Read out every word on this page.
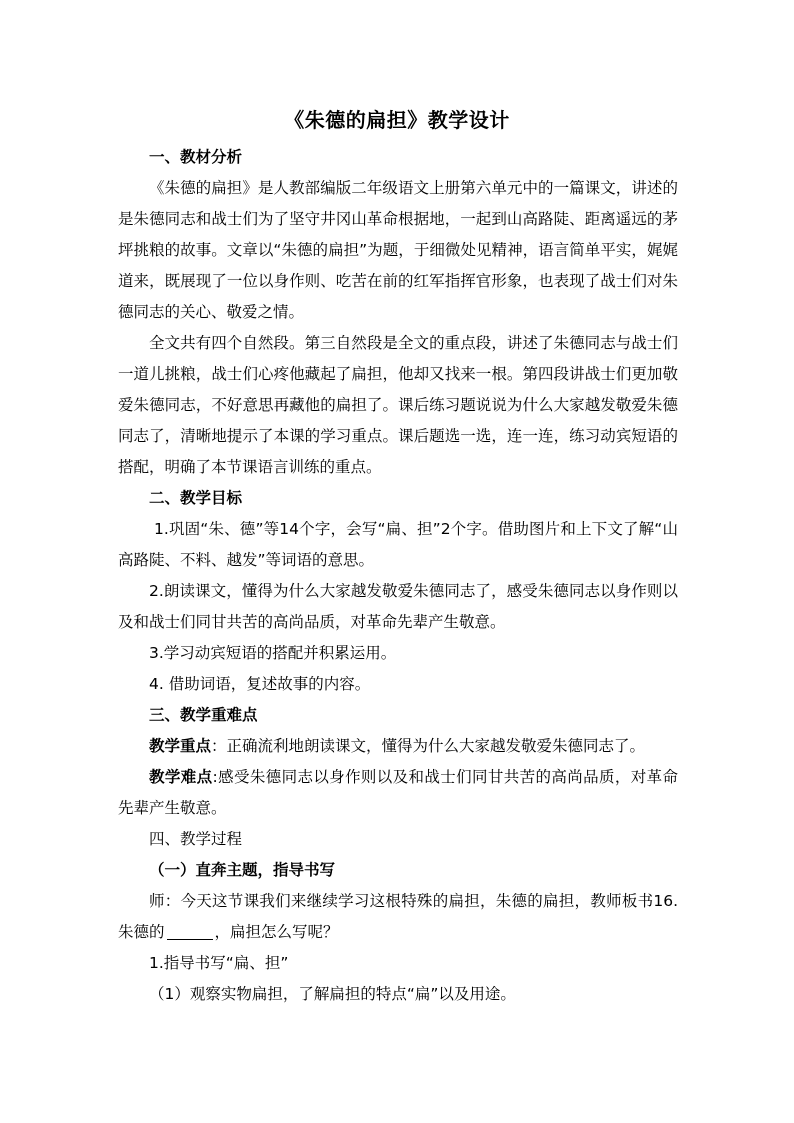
《朱德的扁担》教学设计

一、教材分析

《朱德的扁担》是人教部编版二年级语文上册第六单元中的一篇课文，讲述的是朱德同志和战士们为了坚守井冈山革命根据地，一起到山高路陡、距离遥远的茅坪挑粮的故事。文章以“朱德的扁担”为题，于细微处见精神，语言简单平实，娓娓道来，既展现了一位以身作则、吃苦在前的红军指挥官形象，也表现了战士们对朱德同志的关心、敬爱之情。

全文共有四个自然段。第三自然段是全文的重点段，讲述了朱德同志与战士们一道儿挑粮，战士们心疼他藏起了扁担，他却又找来一根。第四段讲战士们更加敬爱朱德同志，不好意思再藏他的扁担了。课后练习题说说为什么大家越发敬爱朱德同志了，清晰地提示了本课的学习重点。课后题选一选，连一连，练习动宾短语的搭配，明确了本节课语言训练的重点。

二、教学目标

1.巩固“朱、德”等14个字，会写“扁、担”2个字。借助图片和上下文了解“山高路陡、不料、越发”等词语的意思。

2.朗读课文，懂得为什么大家越发敬爱朱德同志了，感受朱德同志以身作则以及和战士们同甘共苦的高尚品质，对革命先辈产生敬意。

3.学习动宾短语的搭配并积累运用。

4. 借助词语，复述故事的内容。

三、教学重难点

教学重点：正确流利地朗读课文，懂得为什么大家越发敬爱朱德同志了。

教学难点:感受朱德同志以身作则以及和战士们同甘共苦的高尚品质，对革命先辈产生敬意。

四、教学过程

（一）直奔主题，指导书写

师：今天这节课我们来继续学习这根特殊的扁担，朱德的扁担，教师板书16.朱德的	，扁担怎么写呢？

1.指导书写“扁、担”

（1）观察实物扁担，了解扁担的特点“扁”以及用途。
